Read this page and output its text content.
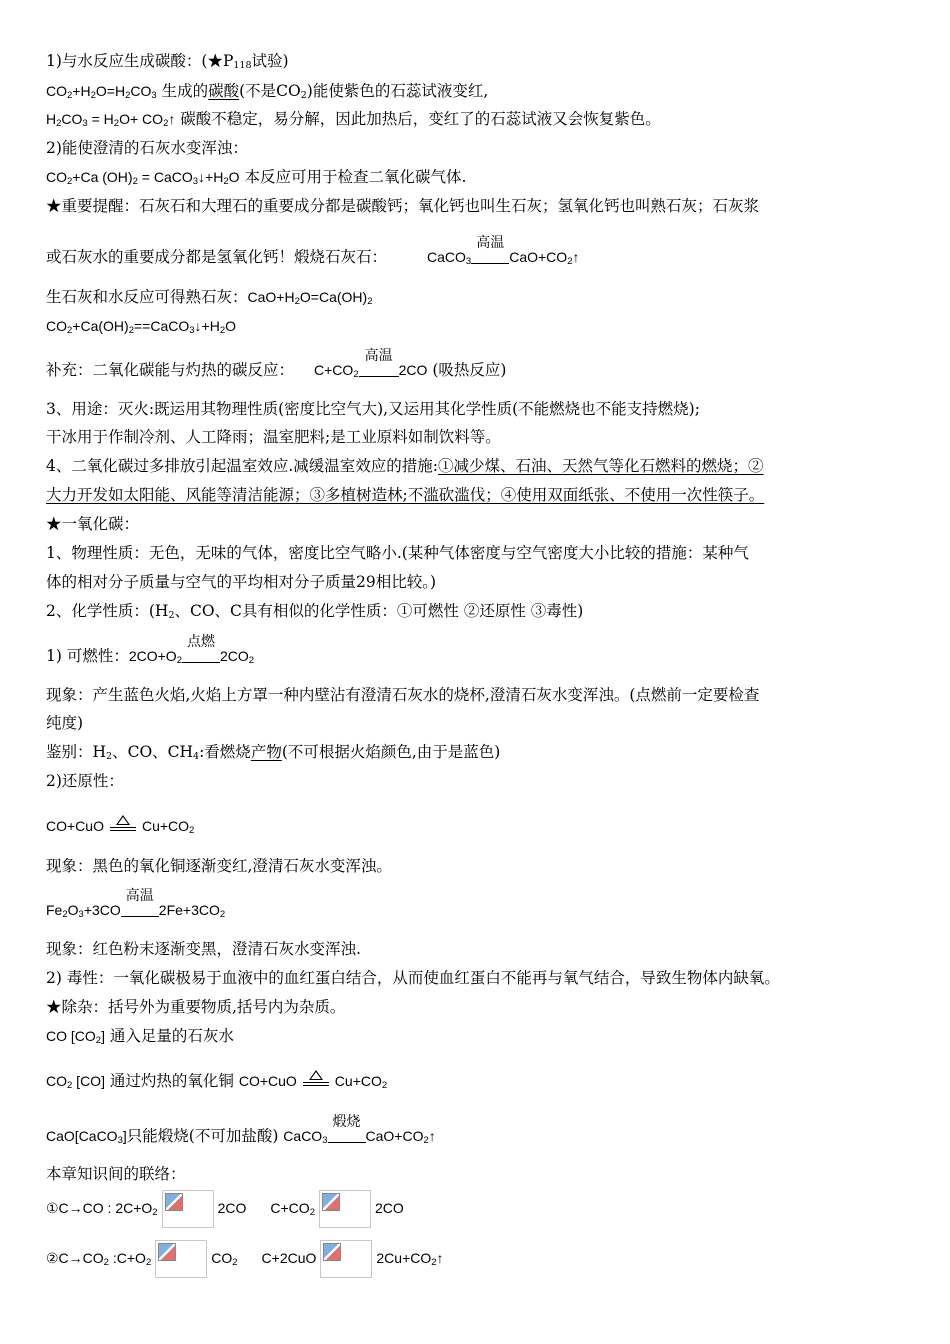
1)与水反应生成碳酸：($★P_{118}$试验)
$CO_2+H_2O=H_2CO_3$ 生成的碳酸(不是$CO_2$)能使紫色的石蕊试液变红,
$H_2CO_3 = H_2O+$ $CO_2↑$ 碳酸不稳定，易分解，因此加热后，变红了的石蕊试液又会恢复紫色。
2)能使澄清的石灰水变浑浊：
$CO_2+Ca$ $(OH)_2$ = $CaCO_3↓+H_2O$ 本反应可用于检查二氧化碳气体.
★重要提醒：石灰石和大理石的重要成分都是碳酸钙；氧化钙也叫生石灰；氢氧化钙也叫熟石灰；石灰浆
或石灰水的重要成分都是氢氧化钙！煅烧石灰石：	CaCO$_3$
高温
$CaO+CO_2↑$
生石灰和水反应可得熟石灰：$CaO+H_2O=Ca(OH)_2$
$CO_2+Ca(OH)_2==CaCO_3↓+H_2O$
补充：二氧化碳能与灼热的碳反应： $C+CO_2$
高温
2CO (吸热反应)
3、用途：灭火:既运用其物理性质(密度比空气大),又运用其化学性质(不能燃烧也不能支持燃烧);
干冰用于作制冷剂、人工降雨；温室肥料;是工业原料如制饮料等。
4、二氧化碳过多排放引起温室效应.减缓温室效应的措施:①减少煤、石油、天然气等化石燃料的燃烧；②
大力开发如太阳能、风能等清洁能源；③多植树造林;不滥砍滥伐；④使用双面纸张、不使用一次性筷子。
★一氧化碳：
1、物理性质：无色，无味的气体，密度比空气略小.(某种气体密度与空气密度大小比较的措施：某种气
体的相对分子质量与空气的平均相对分子质量29相比较。)
2、化学性质：($H_2$、CO、C具有相似的化学性质：①可燃性 ②还原性 ③毒性)
1) 可燃性：$2CO+O_2$
点燃
$2CO_2$
现象：产生蓝色火焰,火焰上方罩一种内壁沾有澄清石灰水的烧杯,澄清石灰水变浑浊。(点燃前一定要检查
纯度)
鉴别：$H_2$、CO、$CH_4$:看燃烧产物(不可根据火焰颜色,由于是蓝色)
2)还原性：
CO+CuO	$Cu+CO_2$
现象：黑色的氧化铜逐渐变红,澄清石灰水变浑浊。
$Fe_2O_3+3CO$
高温
$2Fe+3CO_2$
现象：红色粉末逐渐变黑，澄清石灰水变浑浊.
2) 毒性：一氧化碳极易于血液中的血红蛋白结合，从而使血红蛋白不能再与氧气结合，导致生物体内缺氧。
★除杂：括号外为重要物质,括号内为杂质。
CO $[CO_2]$ 通入足量的石灰水
$CO_2$ [CO] 通过灼热的氧化铜 CO+CuO	$Cu+CO_2$
CaO[CaCO$_3$]只能煅烧(不可加盐酸) CaCO$_3$
煅烧
$CaO+CO_2↑$
本章知识间的联络：
①C→CO : $2C+O_2$	2CO $C+CO_2$	2CO
$②C\to CO_2$ $:C+O_2$	$CO_2$ C+2CuO	$2Cu+CO_2↑$
